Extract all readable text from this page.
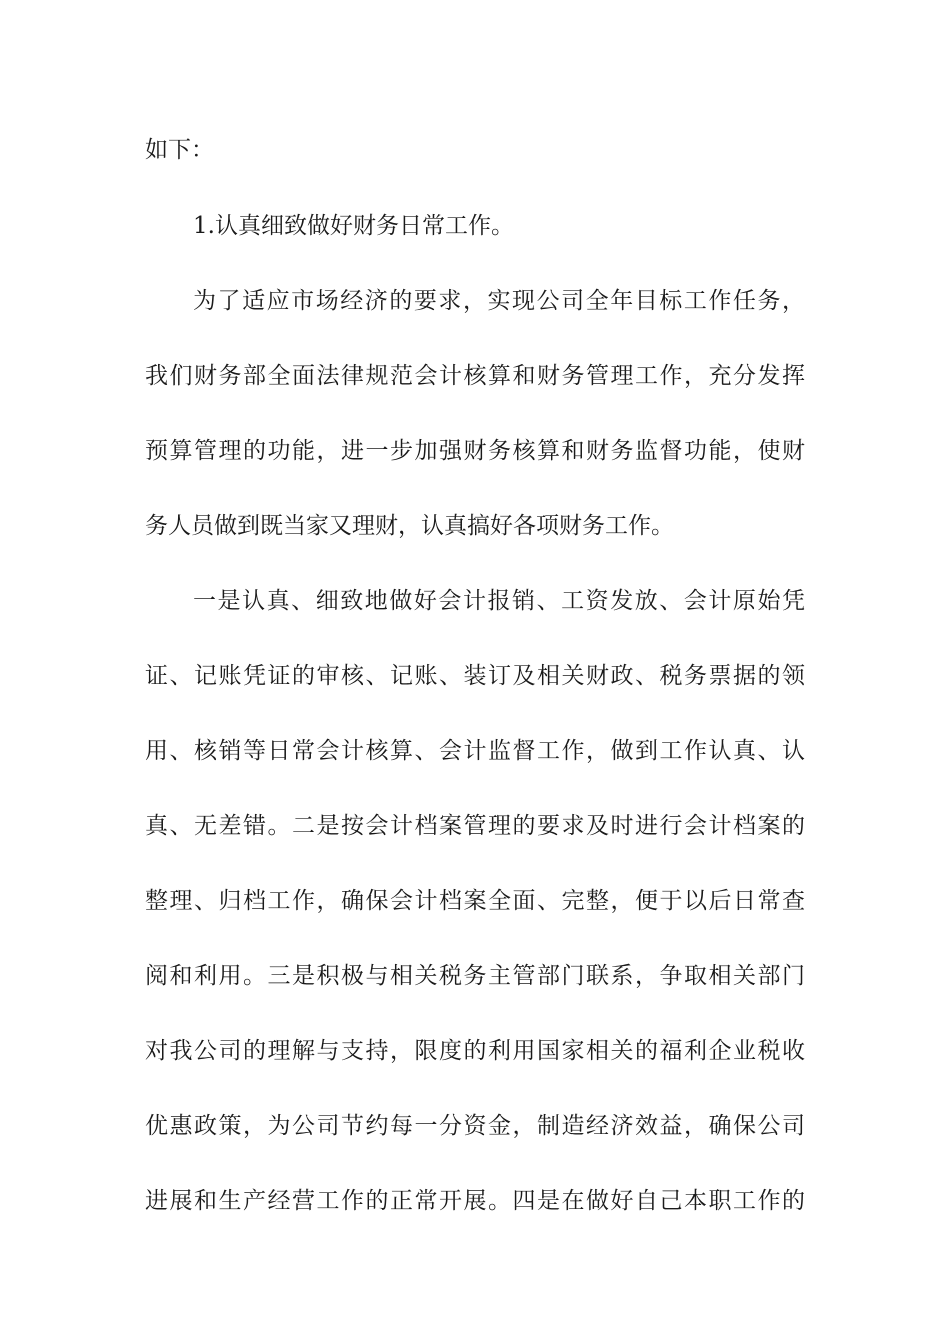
如下：
1.认真细致做好财务日常工作。
为了适应市场经济的要求，实现公司全年目标工作任务，
我们财务部全面法律规范会计核算和财务管理工作，充分发挥
预算管理的功能，进一步加强财务核算和财务监督功能，使财
务人员做到既当家又理财，认真搞好各项财务工作。
一是认真、细致地做好会计报销、工资发放、会计原始凭
证、记账凭证的审核、记账、装订及相关财政、税务票据的领
用、核销等日常会计核算、会计监督工作，做到工作认真、认
真、无差错。二是按会计档案管理的要求及时进行会计档案的
整理、归档工作，确保会计档案全面、完整，便于以后日常查
阅和利用。三是积极与相关税务主管部门联系，争取相关部门
对我公司的理解与支持，限度的利用国家相关的福利企业税收
优惠政策，为公司节约每一分资金，制造经济效益，确保公司
进展和生产经营工作的正常开展。四是在做好自己本职工作的
